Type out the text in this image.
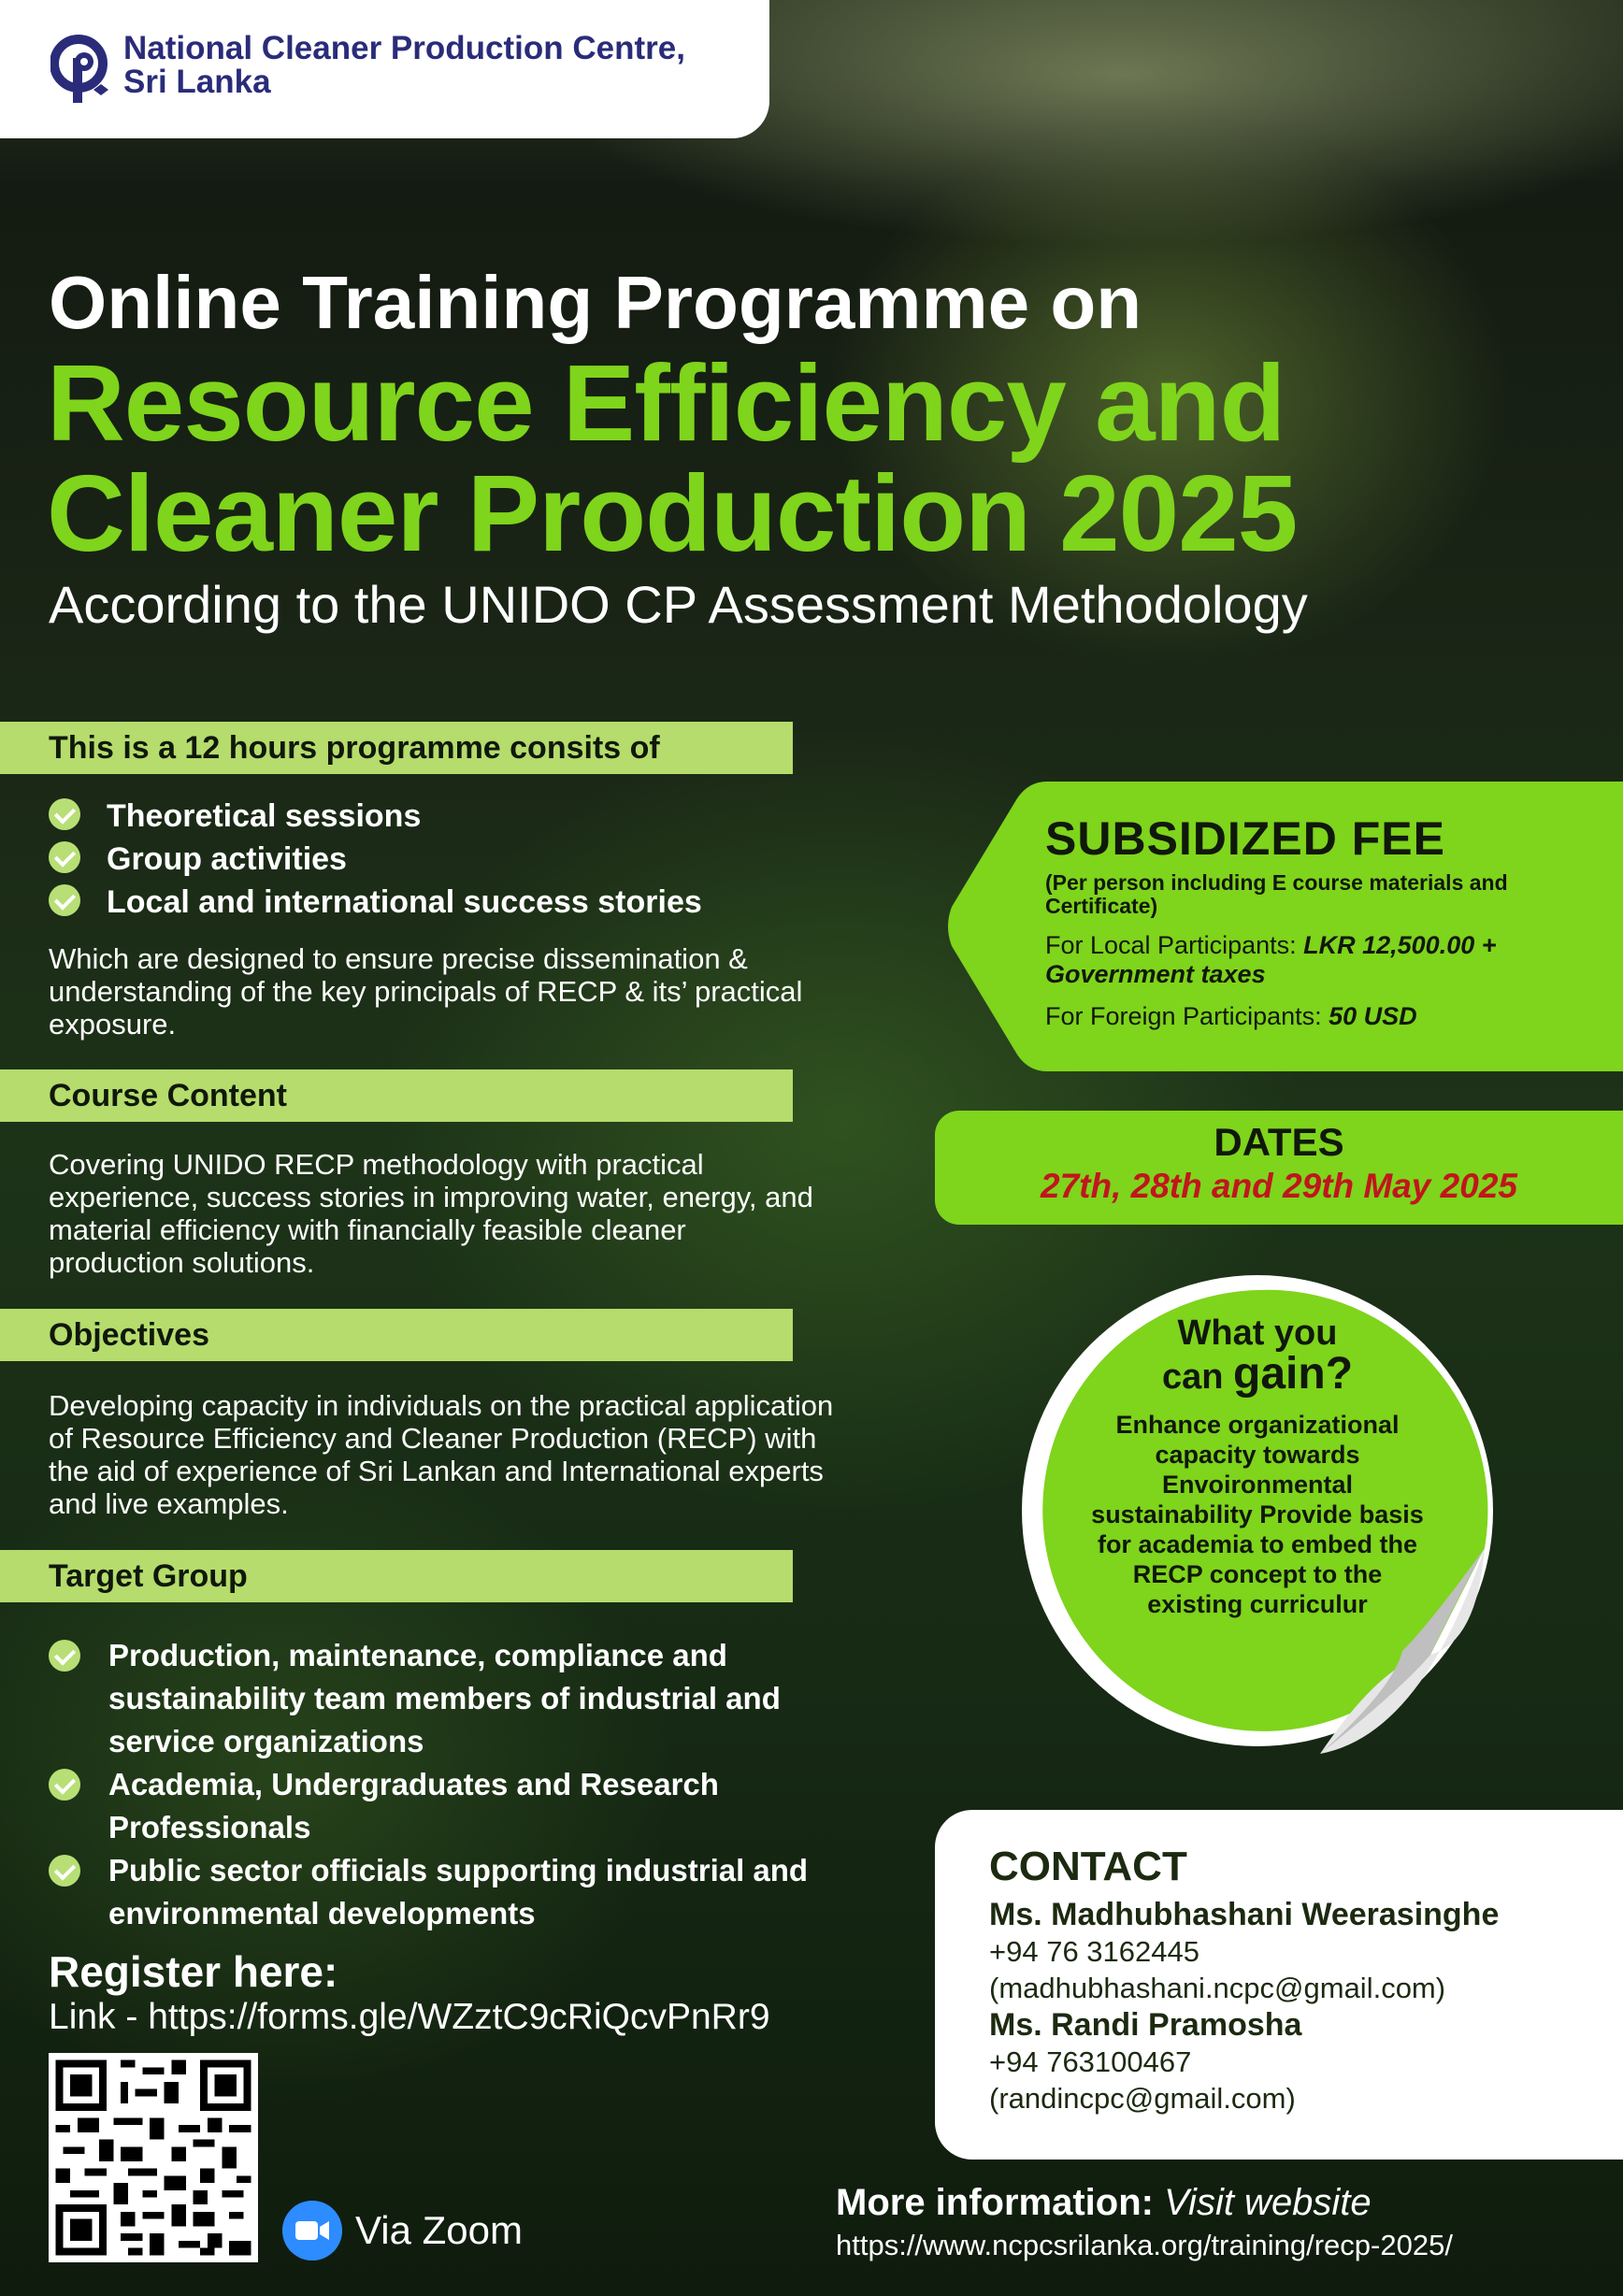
National Cleaner Production Centre,
Sri Lanka
Online Training Programme on
Resource Efficiency and
Cleaner Production 2025
According to the UNIDO CP Assessment Methodology
This is a 12 hours programme consits of
Theoretical sessions
Group activities
Local and international success stories
Which are designed to ensure precise dissemination & understanding of the key principals of RECP & its’ practical exposure.
Course Content
Covering UNIDO RECP methodology with practical experience, success stories in improving water, energy, and material efficiency with financially feasible cleaner production solutions.
Objectives
Developing capacity in individuals on the practical application of Resource Efficiency and Cleaner Production (RECP) with the aid of experience of Sri Lankan and International experts and live examples.
Target Group
Production, maintenance, compliance and sustainability team members of industrial and service organizations
Academia, Undergraduates and Research Professionals
Public sector officials supporting industrial and environmental developments
SUBSIDIZED FEE
(Per person including E course materials and Certificate)
For Local Participants: LKR 12,500.00 + Government taxes
For Foreign Participants: 50 USD
DATES
27th, 28th and 29th May 2025
What you
can gain?
Enhance organizational capacity towards Envoironmental sustainability Provide basis for academia to embed the RECP concept to the existing curriculur
CONTACT
Ms. Madhubhashani Weerasinghe
+94 76 3162445
(madhubhashani.ncpc@gmail.com)
Ms. Randi Pramosha
+94 763100467
(randincpc@gmail.com)
Register here:
Link - https://forms.gle/WZztC9cRiQcvPnRr9
Via Zoom
More information: Visit website
https://www.ncpcsrilanka.org/training/recp-2025/
